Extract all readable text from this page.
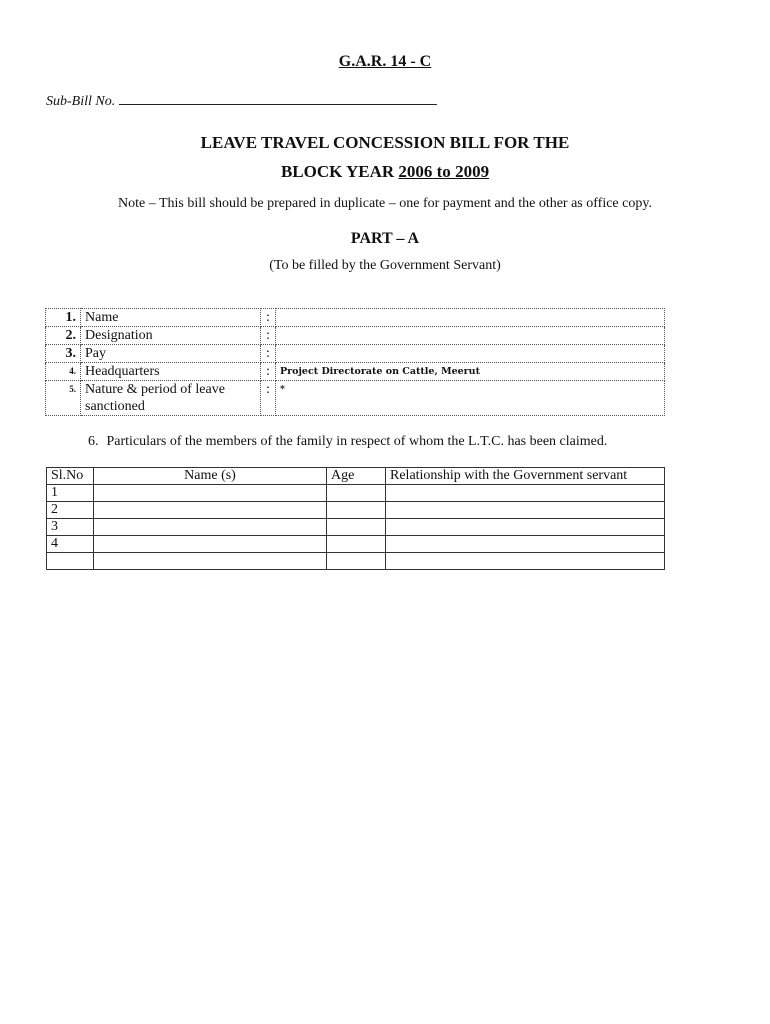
G.A.R. 14 - C
Sub-Bill No.
LEAVE TRAVEL CONCESSION BILL FOR THE
BLOCK YEAR 2006 to 2009
Note – This bill should be prepared in duplicate – one for payment and the other as office copy.
PART – A
(To be filled by the Government Servant)
1.	Name	:	
2.	Designation	:	
3.	Pay	:	
4.	Headquarters	:	Project Directorate on Cattle, Meerut
5.	Nature & period of leave sanctioned	:	*
6. Particulars of the members of the family in respect of whom the L.T.C. has been claimed.
Sl.No	Name (s)	Age	Relationship with the Government servant
1			
2			
3			
4			
